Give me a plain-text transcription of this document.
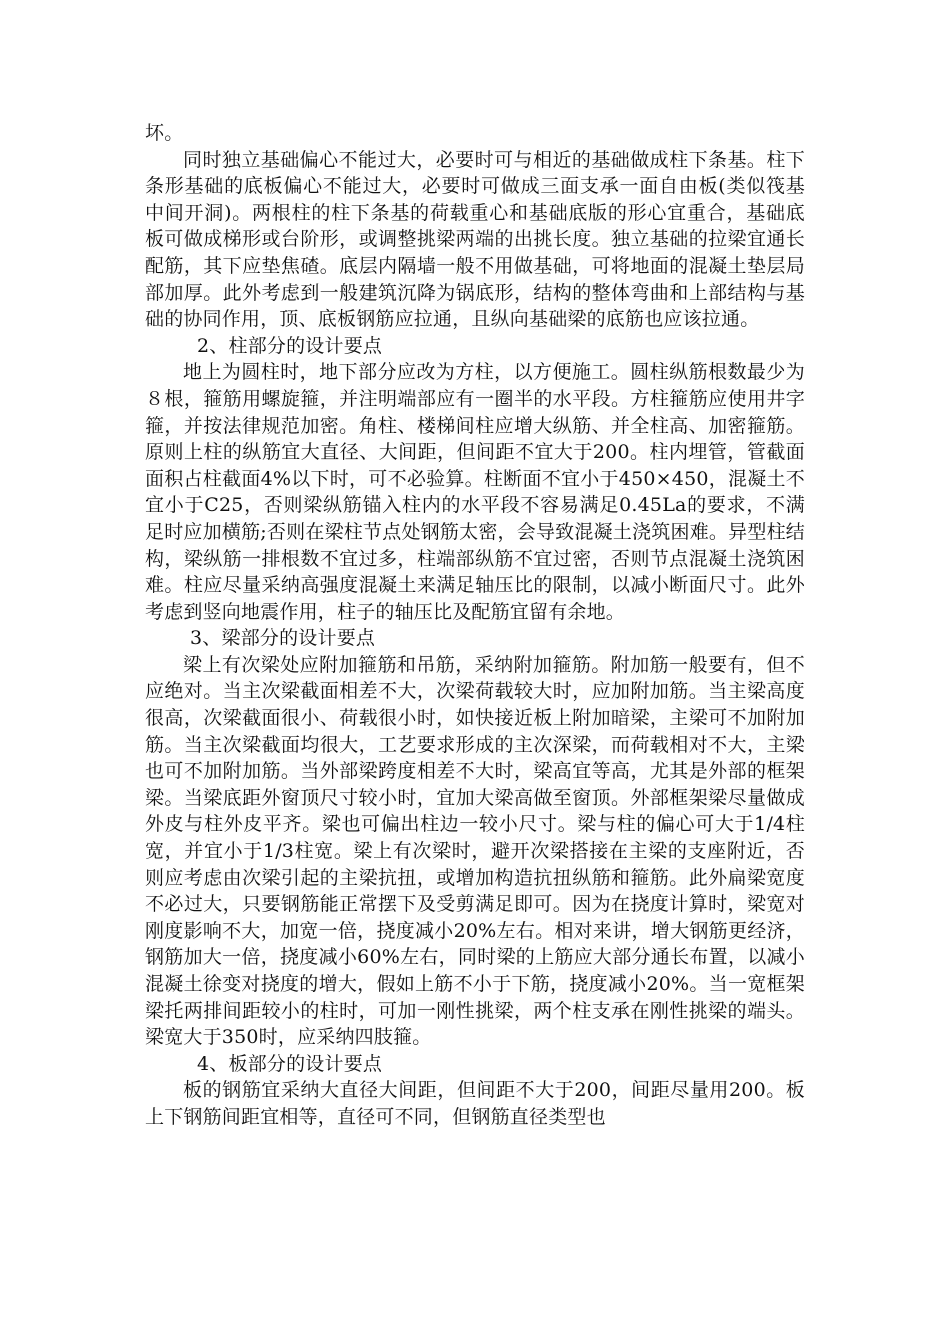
坏。

同时独立基础偏心不能过大，必要时可与相近的基础做成柱下条基。柱下条形基础的底板偏心不能过大，必要时可做成三面支承一面自由板(类似筏基中间开洞)。两根柱的柱下条基的荷载重心和基础底版的形心宜重合，基础底板可做成梯形或台阶形，或调整挑梁两端的出挑长度。独立基础的拉梁宜通长配筋，其下应垫焦碴。底层内隔墙一般不用做基础，可将地面的混凝土垫层局部加厚。此外考虑到一般建筑沉降为锅底形，结构的整体弯曲和上部结构与基础的协同作用，顶、底板钢筋应拉通，且纵向基础梁的底筋也应该拉通。

2、柱部分的设计要点

地上为圆柱时，地下部分应改为方柱，以方便施工。圆柱纵筋根数最少为８根，箍筋用螺旋箍，并注明端部应有一圈半的水平段。方柱箍筋应使用井字箍，并按法律规范加密。角柱、楼梯间柱应增大纵筋、并全柱高、加密箍筋。原则上柱的纵筋宜大直径、大间距，但间距不宜大于200。柱内埋管，管截面面积占柱截面4%以下时，可不必验算。柱断面不宜小于450×450，混凝土不宜小于C25，否则梁纵筋锚入柱内的水平段不容易满足0.45La的要求，不满足时应加横筋;否则在梁柱节点处钢筋太密，会导致混凝土浇筑困难。异型柱结构，梁纵筋一排根数不宜过多，柱端部纵筋不宜过密，否则节点混凝土浇筑困难。柱应尽量采纳高强度混凝土来满足轴压比的限制，以减小断面尺寸。此外考虑到竖向地震作用，柱子的轴压比及配筋宜留有余地。

3、梁部分的设计要点

梁上有次梁处应附加箍筋和吊筋，采纳附加箍筋。附加筋一般要有，但不应绝对。当主次梁截面相差不大，次梁荷载较大时，应加附加筋。当主梁高度很高，次梁截面很小、荷载很小时，如快接近板上附加暗梁，主梁可不加附加筋。当主次梁截面均很大，工艺要求形成的主次深梁，而荷载相对不大，主梁也可不加附加筋。当外部梁跨度相差不大时，梁高宜等高，尤其是外部的框架梁。当梁底距外窗顶尺寸较小时，宜加大梁高做至窗顶。外部框架梁尽量做成外皮与柱外皮平齐。梁也可偏出柱边一较小尺寸。梁与柱的偏心可大于1/4柱宽，并宜小于1/3柱宽。梁上有次梁时，避开次梁搭接在主梁的支座附近，否则应考虑由次梁引起的主梁抗扭，或增加构造抗扭纵筋和箍筋。此外扁梁宽度不必过大，只要钢筋能正常摆下及受剪满足即可。因为在挠度计算时，梁宽对刚度影响不大，加宽一倍，挠度减小20%左右。相对来讲，增大钢筋更经济，钢筋加大一倍，挠度减小60%左右，同时梁的上筋应大部分通长布置，以减小混凝土徐变对挠度的增大，假如上筋不小于下筋，挠度减小20%。当一宽框架梁托两排间距较小的柱时，可加一刚性挑梁，两个柱支承在刚性挑梁的端头。梁宽大于350时，应采纳四肢箍。

4、板部分的设计要点

板的钢筋宜采纳大直径大间距，但间距不大于200，间距尽量用200。板上下钢筋间距宜相等，直径可不同，但钢筋直径类型也
